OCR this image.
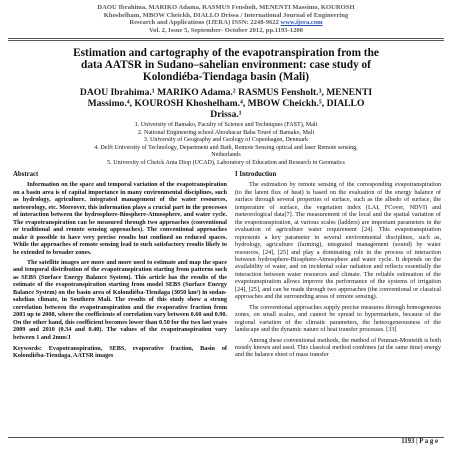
DAOU Ibrahima, MARIKO Adama, RASMUS Fensholt, MENENTI Massimo, KOUROSH
Khoshelham, MBOW Cheickh, DIALLO Drissa / International Journal of Engineering
Research and Applications (IJERA) ISSN: 2248-9622 www.ijera.com
Vol. 2, Issue 5, September- October 2012, pp.1193-1200
Estimation and cartography of the evapotranspiration from the
data AATSR in Sudano–sahelian environment: case study of
Kolondiéba-Tiendaga basin (Mali)
DAOU Ibrahima.¹ MARIKO Adama.² RASMUS Fensholt.³, MENENTI
Massimo.⁴, KOUROSH Khoshelham.⁴, MBOW Cheickh.⁵, DIALLO
Drissa.¹
1. University of Bamako, Faculty of Science and Techniques (FAST), Mali
2. National Engineering school Aboubacar Baba Touré of Bamako, Mali
3. University of Geography and Geology of Copenhagen, Denmark
4. Delft University of Technology, Department and Bath, Remote Sensing optical and laser Remote sensing,
Netherlands
5. University of Cheick Anta Diop (UCAD), Laboratory of Education and Research in Geomatics
Abstract

Information on the space and temporal variation of the evapotranspiration on a basin area is of capital importance in many environmental disciplines, such as hydrology, agriculture, integrated management of the water resources, meteorology, etc. Moreover, this information plays a crucial part in the processes of interaction between the hydrosphere-Biosphere-Atmosphere, and water cycle. The evapotranspiration can be measured through two approaches (conventional or traditional and remote sensing approaches). The conventional approaches make it possible to have very precise results but confined on reduced spaces. While the approaches of remote sensing lead to such satisfactory results likely to be extended to broader zones.

The satellite images are more and more used to estimate and map the space and temporal distribution of the evapotranspiration starting from patterns such as SEBS (Surface Energy Balance System). This article has the results of the estimate of the evapotranspiration starting from model SEBS (Surface Energy Balance System) on the basin area of Kolondiéba-Tiendaga (3050 km²) in sudan-sahelian climate, in Southern Mali. The results of this study show a strong correlation between the evapotranspiration and the evaporative fraction from 2003 up to 2008, where the coefficients of correlation vary between 0.60 and 0.90. On the other hand, this coefficient becomes lower than 0.50 for the two last years 2009 and 2010 (0.34 and 0.40). The values of the evapotranspiration vary between 1 and 2mm/J

Keywords: Evapotranspiration, SEBS, evaporative fraction, Basin of Kolondiéba-Tiendaga, AATSR images

I Introduction

The estimation by remote sensing of the corresponding evapotranspiration (to the latent flux of heat) is based on the evaluation of the energy balance of surface through several properties of surface, such as the albedo of surface, the temperature of surface, the vegetation index (LAI, FCover, NDVI) and meteorological data[7]. The measurement of the local and the spatial variation of the evapotranspiration, at various scales (ladders) are important parameters in the evaluation of agriculture water requirement [24]. This evapotranspiration represents a key parameter in several environmental disciplines, such as, hydrology, agriculture (farming), integrated management (sound) by water resources, [24], [25] and play a dominating role in the process of interaction between hydrosphere-Biosphere-Atmosphere and water cycle. It depends on the availability of water, and on incidental solar radiation and reflects essentially the interaction between water resources and climate. The reliable estimation of the evapotranspiration allows improve the performance of the systems of irrigation [24], [25], and can be made through two approaches (the conventional or classical approaches and the surrounding areas of remote sensing).

The conventional approaches supply precise measures through homogeneous zones, on small scales, and cannot be spread to hypermarkets, because of the regional variation of the climatic parameters, the heterogeneousness of the landscape and the dynamic nature of heat transfer processes. [33]

Among these conventional methods, the method of Penman-Monteith is both mostly known and used. This classical method combines (at the same time) energy and the balance sheet of mass transfer

1193 | P a g e
